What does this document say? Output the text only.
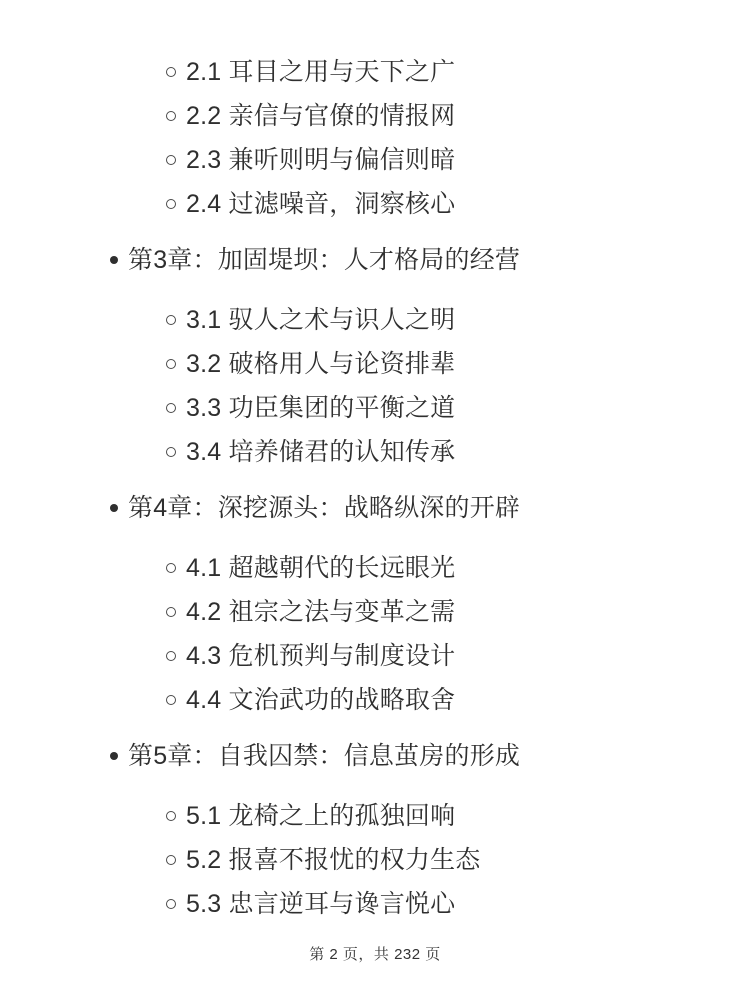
2.1 耳目之用与天下之广
2.2 亲信与官僚的情报网
2.3 兼听则明与偏信则暗
2.4 过滤噪音，洞察核心
第3章：加固堤坝：人才格局的经营
3.1 驭人之术与识人之明
3.2 破格用人与论资排辈
3.3 功臣集团的平衡之道
3.4 培养储君的认知传承
第4章：深挖源头：战略纵深的开辟
4.1 超越朝代的长远眼光
4.2 祖宗之法与变革之需
4.3 危机预判与制度设计
4.4 文治武功的战略取舍
第5章：自我囚禁：信息茧房的形成
5.1 龙椅之上的孤独回响
5.2 报喜不报忧的权力生态
5.3 忠言逆耳与谗言悦心
第 2 页，共 232 页
